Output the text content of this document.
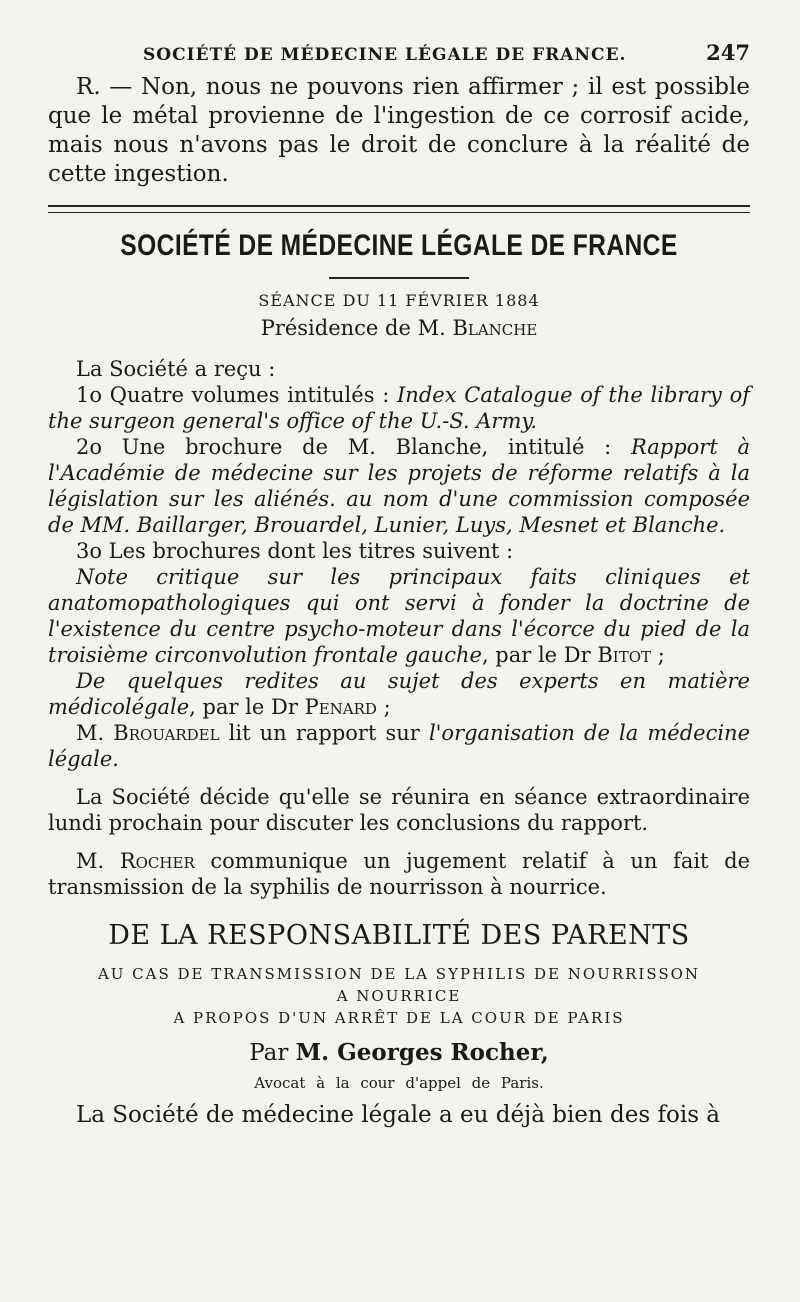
SOCIÉTÉ DE MÉDECINE LÉGALE DE FRANCE.	247

R. — Non, nous ne pouvons rien affirmer ; il est possible que le métal provienne de l'ingestion de ce corrosif acide, mais nous n'avons pas le droit de conclure à la réalité de cette ingestion.

SOCIÉTÉ DE MÉDECINE LÉGALE DE FRANCE
SÉANCE DU 11 FÉVRIER 1884
Présidence de M. Blanche

La Société a reçu :

1o Quatre volumes intitulés : Index Catalogue of the library of the surgeon general's office of the U.-S. Army.

2o Une brochure de M. Blanche, intitulé : Rapport à l'Académie de médecine sur les projets de réforme relatifs à la législation sur les aliénés. au nom d'une commission composée de MM. Baillarger, Brouardel, Lunier, Luys, Mesnet et Blanche.

3o Les brochures dont les titres suivent :

Note critique sur les principaux faits cliniques et anatomopathologiques qui ont servi à fonder la doctrine de l'existence du centre psycho-moteur dans l'écorce du pied de la troisième circonvolution frontale gauche, par le Dr Bitot ;

De quelques redites au sujet des experts en matière médicolégale, par le Dr Penard ;

M. Brouardel lit un rapport sur l'organisation de la médecine légale.

La Société décide qu'elle se réunira en séance extraordinaire lundi prochain pour discuter les conclusions du rapport.

M. Rocher communique un jugement relatif à un fait de transmission de la syphilis de nourrisson à nourrice.

DE LA RESPONSABILITÉ DES PARENTS
AU CAS DE TRANSMISSION DE LA SYPHILIS DE NOURRISSON
A NOURRICE
A PROPOS D'UN ARRÊT DE LA COUR DE PARIS
Par M. Georges Rocher,
Avocat à la cour d'appel de Paris.

La Société de médecine légale a eu déjà bien des fois à
